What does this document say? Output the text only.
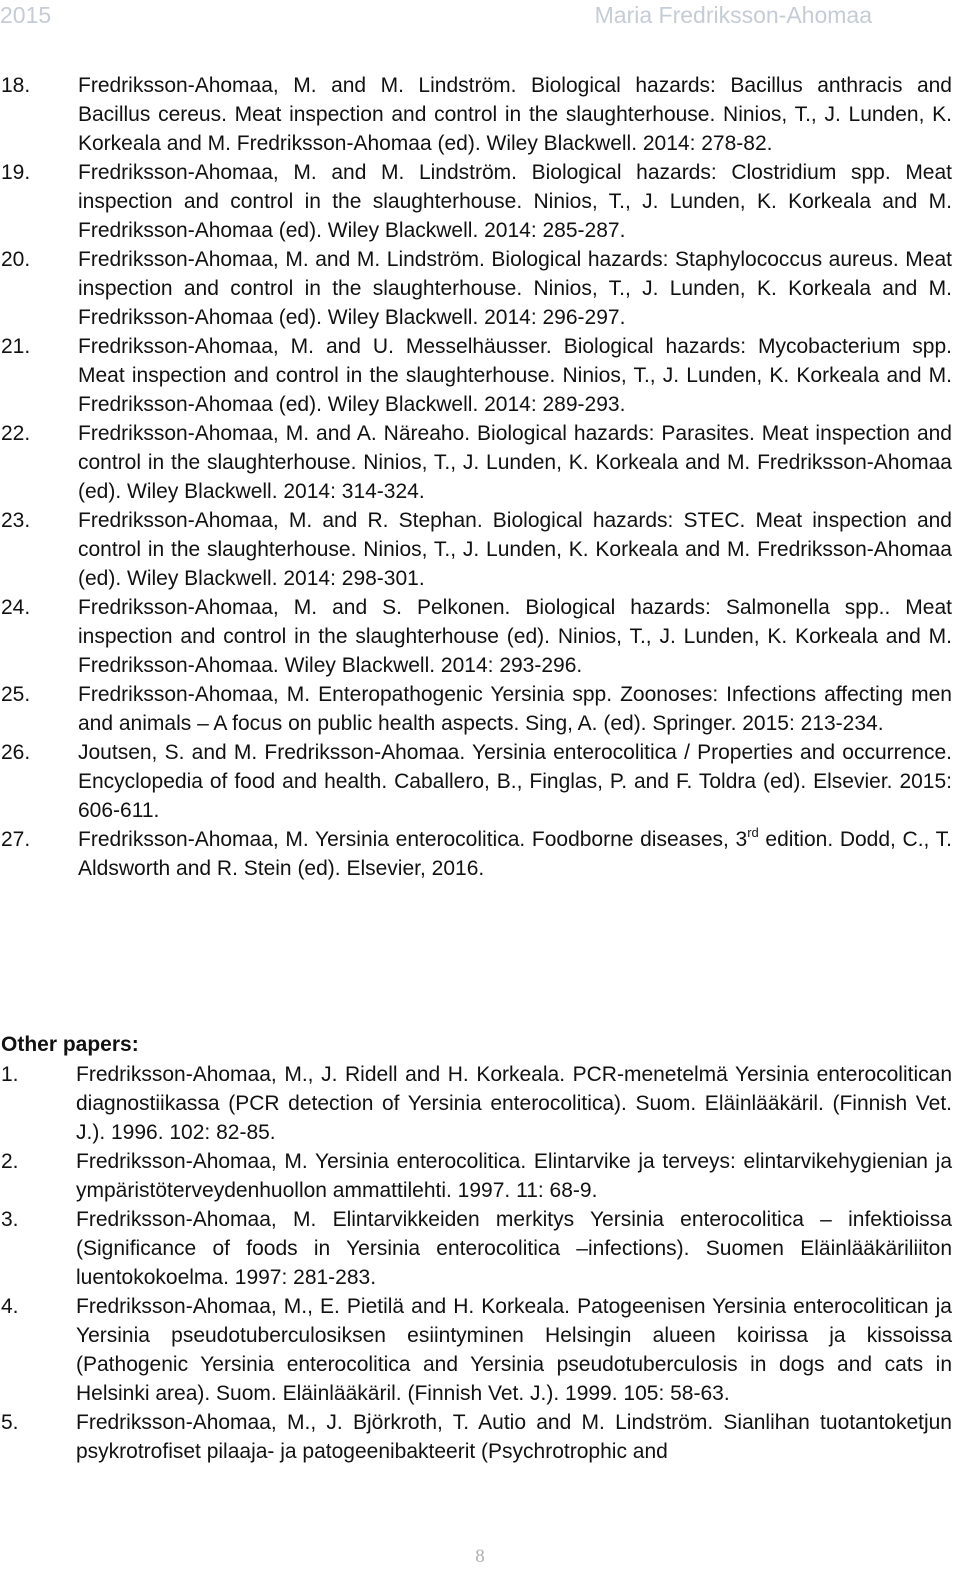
2015	Maria Fredriksson-Ahomaa
18. Fredriksson-Ahomaa, M. and M. Lindström. Biological hazards: Bacillus anthracis and Bacillus cereus. Meat inspection and control in the slaughterhouse. Ninios, T., J. Lunden, K. Korkeala and M. Fredriksson-Ahomaa (ed). Wiley Blackwell. 2014: 278-82.
19. Fredriksson-Ahomaa, M. and M. Lindström. Biological hazards: Clostridium spp. Meat inspection and control in the slaughterhouse. Ninios, T., J. Lunden, K. Korkeala and M. Fredriksson-Ahomaa (ed). Wiley Blackwell. 2014: 285-287.
20. Fredriksson-Ahomaa, M. and M. Lindström. Biological hazards: Staphylococcus aureus. Meat inspection and control in the slaughterhouse. Ninios, T., J. Lunden, K. Korkeala and M. Fredriksson-Ahomaa (ed). Wiley Blackwell. 2014: 296-297.
21. Fredriksson-Ahomaa, M. and U. Messelhäusser. Biological hazards: Mycobacterium spp. Meat inspection and control in the slaughterhouse. Ninios, T., J. Lunden, K. Korkeala and M. Fredriksson-Ahomaa (ed). Wiley Blackwell. 2014: 289-293.
22. Fredriksson-Ahomaa, M. and A. Näreaho. Biological hazards: Parasites. Meat inspection and control in the slaughterhouse. Ninios, T., J. Lunden, K. Korkeala and M. Fredriksson-Ahomaa (ed). Wiley Blackwell. 2014: 314-324.
23. Fredriksson-Ahomaa, M. and R. Stephan. Biological hazards: STEC. Meat inspection and control in the slaughterhouse. Ninios, T., J. Lunden, K. Korkeala and M. Fredriksson-Ahomaa (ed). Wiley Blackwell. 2014: 298-301.
24. Fredriksson-Ahomaa, M. and S. Pelkonen. Biological hazards: Salmonella spp.. Meat inspection and control in the slaughterhouse (ed). Ninios, T., J. Lunden, K. Korkeala and M. Fredriksson-Ahomaa. Wiley Blackwell. 2014: 293-296.
25. Fredriksson-Ahomaa, M. Enteropathogenic Yersinia spp. Zoonoses: Infections affecting men and animals – A focus on public health aspects. Sing, A. (ed). Springer. 2015: 213-234.
26. Joutsen, S. and M. Fredriksson-Ahomaa. Yersinia enterocolitica / Properties and occurrence. Encyclopedia of food and health. Caballero, B., Finglas, P. and F. Toldra (ed). Elsevier. 2015: 606-611.
27. Fredriksson-Ahomaa, M. Yersinia enterocolitica. Foodborne diseases, 3rd edition. Dodd, C., T. Aldsworth and R. Stein (ed). Elsevier, 2016.
Other papers:
1.	Fredriksson-Ahomaa, M., J. Ridell and H. Korkeala. PCR-menetelmä Yersinia enterocolitican diagnostiikassa (PCR detection of Yersinia enterocolitica). Suom. Eläinlääkäril. (Finnish Vet. J.). 1996. 102: 82-85.
2.	Fredriksson-Ahomaa, M. Yersinia enterocolitica. Elintarvike ja terveys: elintarvikehygienian ja ympäristöterveydenhuollon ammattilehti. 1997. 11: 68-9.
3.	Fredriksson-Ahomaa, M. Elintarvikkeiden merkitys Yersinia enterocolitica – infektioissa (Significance of foods in Yersinia enterocolitica –infections). Suomen Eläinlääkäriliiton luentokokoelma. 1997: 281-283.
4.	Fredriksson-Ahomaa, M., E. Pietilä and H. Korkeala. Patogeenisen Yersinia enterocolitican ja Yersinia pseudotuberculosiksen esiintyminen Helsingin alueen koirissa ja kissoissa (Pathogenic Yersinia enterocolitica and Yersinia pseudotuberculosis in dogs and cats in Helsinki area). Suom. Eläinlääkäril. (Finnish Vet. J.). 1999. 105: 58-63.
5.	Fredriksson-Ahomaa, M., J. Björkroth, T. Autio and M. Lindström. Sianlihan tuotantoketjun psykrotrofiset pilaaja- ja patogeenibakteerit (Psychrotrophic and
8
